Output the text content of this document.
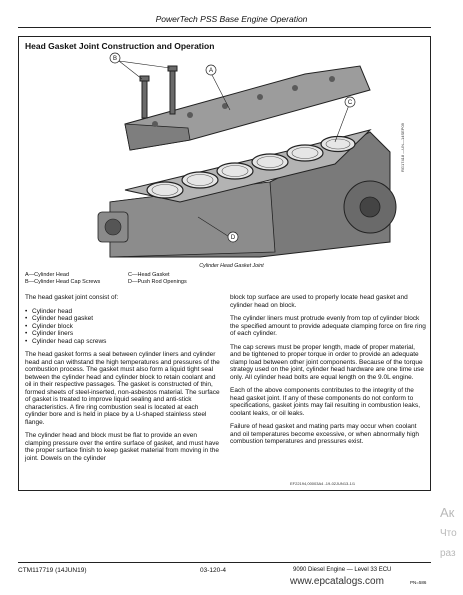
PowerTech PSS Base Engine Operation
Head Gasket Joint Construction and Operation
B
A
C
D
RG17418 —UN—14SEP09
Cylinder Head Gasket Joint
A—Cylinder Head
B—Cylinder Head Cap Screws
C—Head Gasket
D—Push Rod Openings

The head gasket joint consist of:

• Cylinder head
• Cylinder head gasket
• Cylinder block
• Cylinder liners
• Cylinder head cap screws

The head gasket forms a seal between cylinder liners and cylinder head and can withstand the high temperatures and pressures of the combustion process. The gasket must also form a liquid tight seal between the cylinder head and cylinder block to retain coolant and oil in their respective passages. The gasket is constructed of thin, formed sheets of steel-inserted, non-asbestos material. The surface of gasket is treated to improve liquid sealing and anti-stick characteristics. A fire ring combustion seal is located at each cylinder bore and is held in place by a U-shaped stainless steel flange.

The cylinder head and block must be flat to provide an even clamping pressure over the entire surface of gasket, and must have the proper surface finish to keep gasket material from moving in the joint. Dowels on the cylinder

block top surface are used to properly locate head gasket and cylinder head on block.

The cylinder liners must protrude evenly from top of cylinder block the specified amount to provide adequate clamping force on fire ring of each cylinder.

The cap screws must be proper length, made of proper material, and be tightened to proper torque in order to provide an adequate clamp load between other joint components. Because of the torque strategy used on the joint, cylinder head hardware are one time use only. All cylinder head bolts are equal length on the 9.0L engine.

Each of the above components contributes to the integrity of the head gasket joint. If any of these components do not conform to specifications, gasket joints may fail resulting in combustion leaks, coolant leaks, or oil leaks.

Failure of head gasket and mating parts may occur when coolant and oil temperatures become excessive, or when abnormally high combustion temperatures and pressures exist.

EF22194,00003A4 -19-02JUN13-1/1
CTM117719 (14JUN19)	03-120-4	9090 Diesel Engine — Level 33 ECU
www.epcatalogs.com	PN=586
Ак
Что
раз
